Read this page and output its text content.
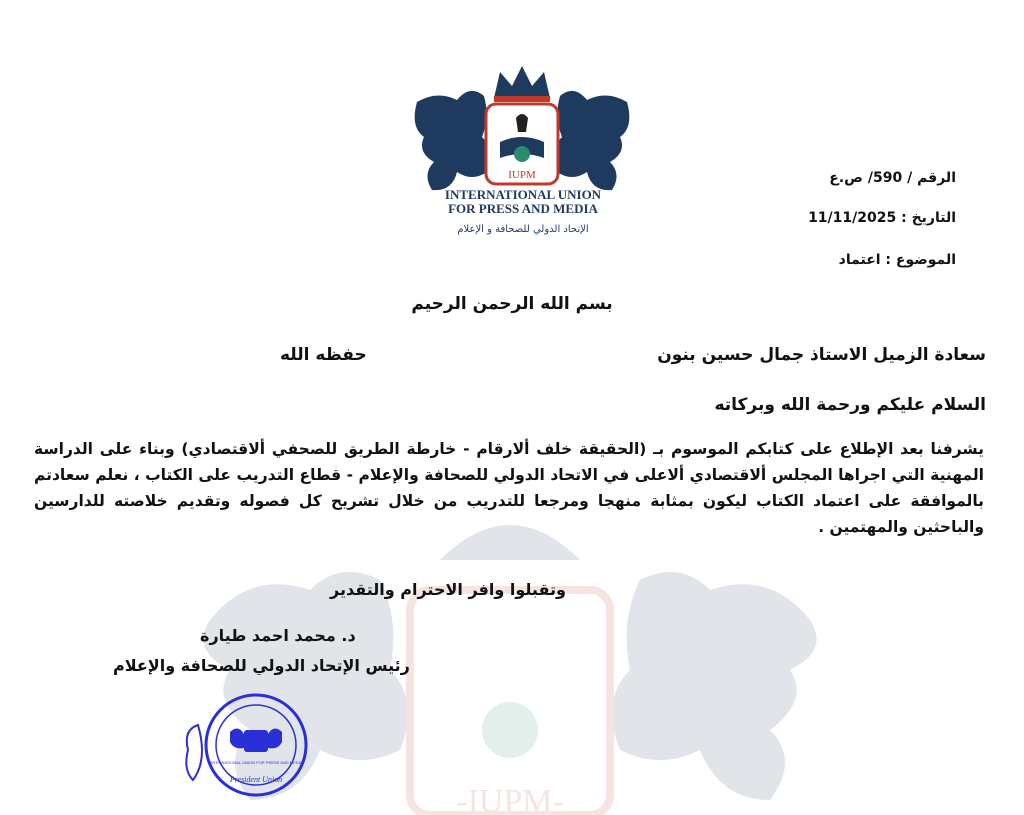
-IUPM-
IUPM
INTERNATIONAL UNION
FOR PRESS AND MEDIA
الإتحاد الدولي للصحافة و الإعلام
الرقم / 590/ ص.ع
التاريخ : 11/11/2025
الموضوع : اعتماد
بسم الله الرحمن الرحيم
سعادة الزميل الاستاذ جمال حسين بنون
حفظه الله
السلام عليكم ورحمة الله وبركاته
يشرفنا بعد الإطلاع على كتابكم الموسوم بـ (الحقيقة خلف ألارقام - خارطة الطريق للصحفي ألاقتصادي) وبناء على الدراسة المهنية التي اجراها المجلس ألاقتصادي ألاعلى في الاتحاد الدولي للصحافة والإعلام - قطاع التدريب على الكتاب ، نعلم سعادتم بالموافقة على اعتماد الكتاب ليكون بمثابة منهجا ومرجعا للتدريب من خلال تشريح كل فصوله وتقديم خلاصته للدارسين والباحثين والمهتمين .
وتقبلوا وافر الاحترام والتقدير
د. محمد احمد طيارة
رئيس الإتحاد الدولي للصحافة والإعلام
INTERNATIONAL UNION FOR PRESS AND MEDIA
President Union
